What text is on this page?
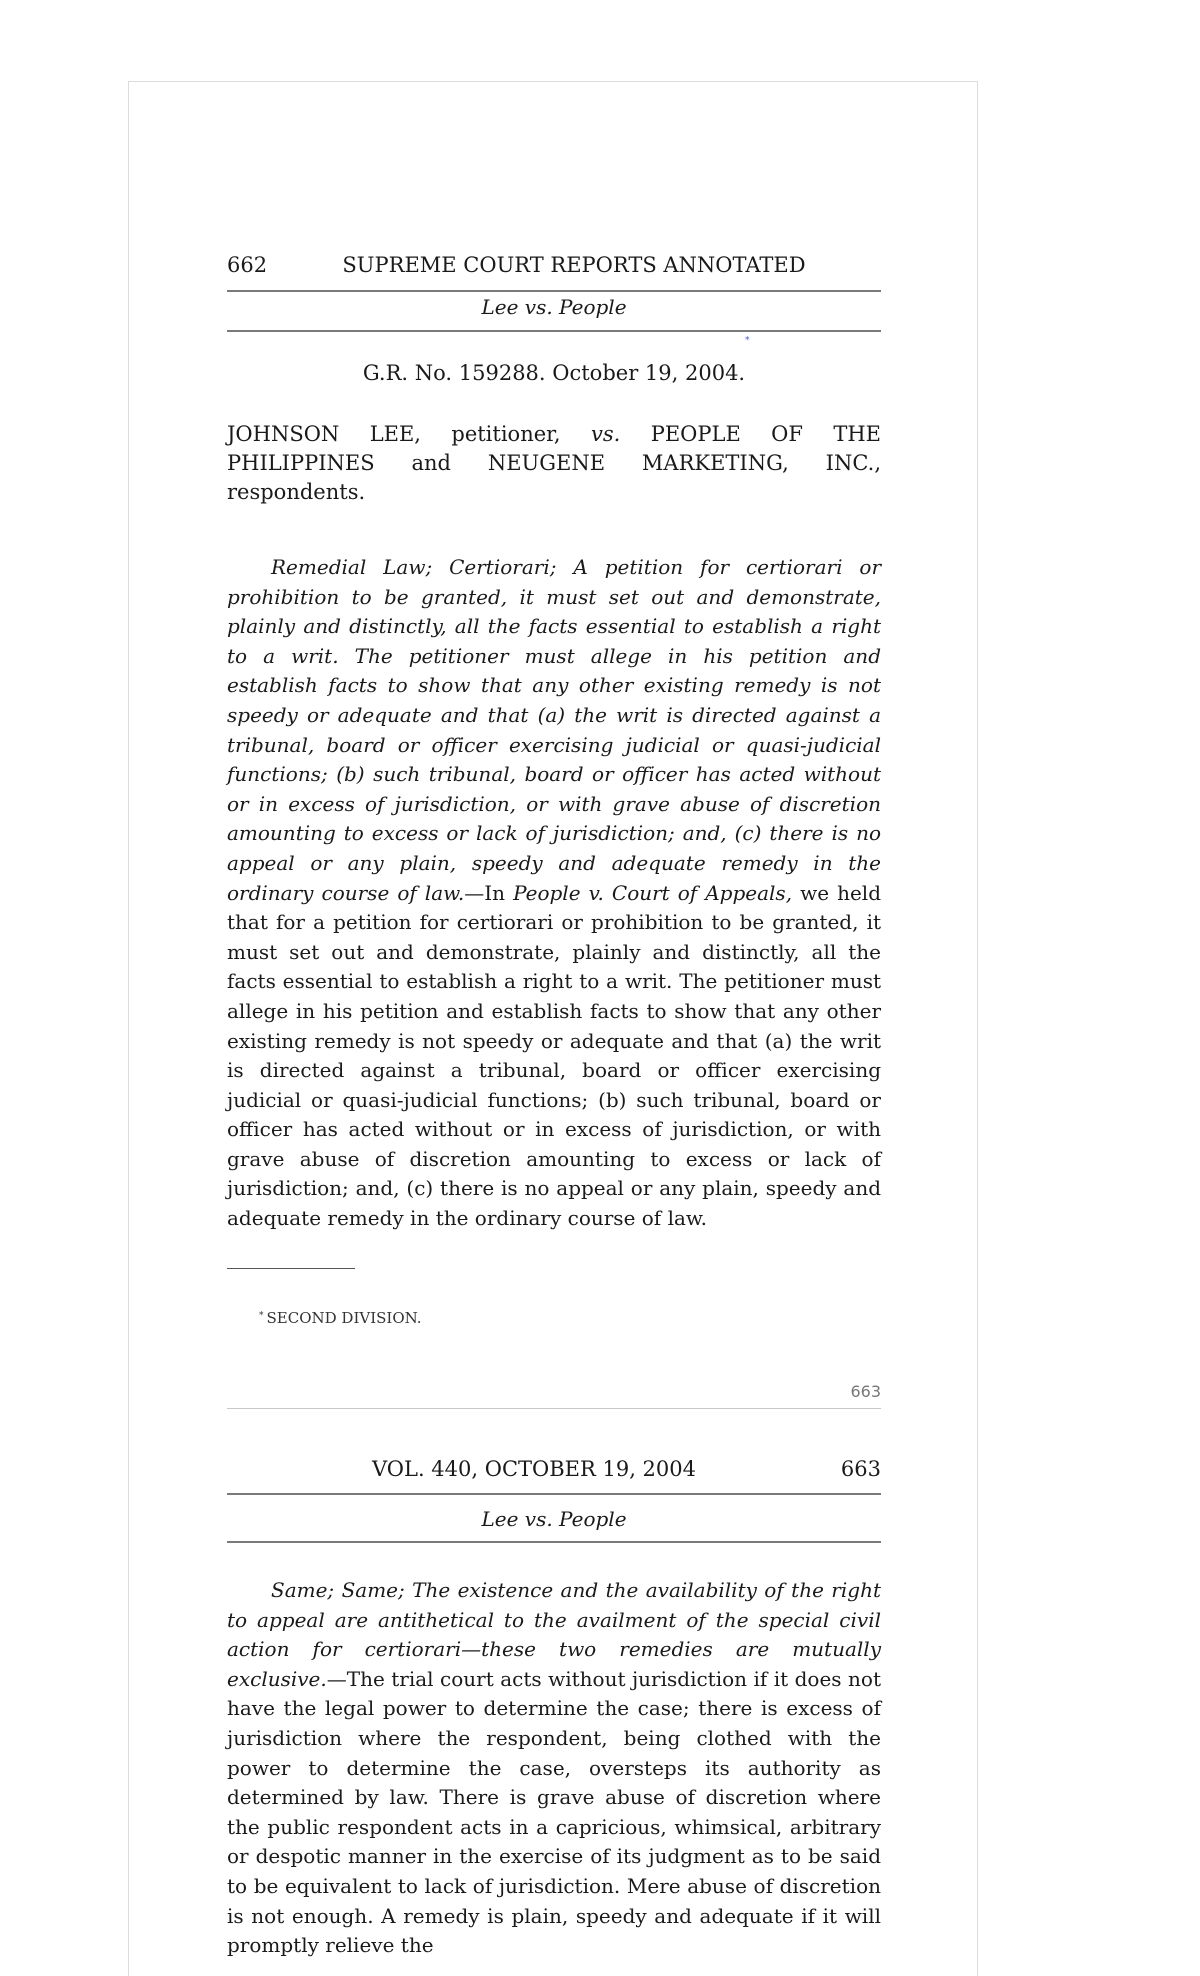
662	SUPREME COURT REPORTS ANNOTATED
Lee vs. People
*
G.R. No. 159288. October 19, 2004.
JOHNSON LEE, petitioner, vs. PEOPLE OF THE PHILIPPINES and NEUGENE MARKETING, INC., respondents.

Remedial Law; Certiorari; A petition for certiorari or prohibition to be granted, it must set out and demonstrate, plainly and distinctly, all the facts essential to establish a right to a writ. The petitioner must allege in his petition and establish facts to show that any other existing remedy is not speedy or adequate and that (a) the writ is directed against a tribunal, board or officer exercising judicial or quasi-judicial functions; (b) such tribunal, board or officer has acted without or in excess of jurisdiction, or with grave abuse of discretion amounting to excess or lack of jurisdiction; and, (c) there is no appeal or any plain, speedy and adequate remedy in the ordinary course of law.—In People v. Court of Appeals, we held that for a petition for certiorari or prohibition to be granted, it must set out and demonstrate, plainly and distinctly, all the facts essential to establish a right to a writ. The petitioner must allege in his petition and establish facts to show that any other existing remedy is not speedy or adequate and that (a) the writ is directed against a tribunal, board or officer exercising judicial or quasi-judicial functions; (b) such tribunal, board or officer has acted without or in excess of jurisdiction, or with grave abuse of discretion amounting to excess or lack of jurisdiction; and, (c) there is no appeal or any plain, speedy and adequate remedy in the ordinary course of law.

* SECOND DIVISION.
663
VOL. 440, OCTOBER 19, 2004	663
Lee vs. People

Same; Same; The existence and the availability of the right to appeal are antithetical to the availment of the special civil action for certiorari—these two remedies are mutually exclusive.—The trial court acts without jurisdiction if it does not have the legal power to determine the case; there is excess of jurisdiction where the respondent, being clothed with the power to determine the case, oversteps its authority as determined by law. There is grave abuse of discretion where the public respondent acts in a capricious, whimsical, arbitrary or despotic manner in the exercise of its judgment as to be said to be equivalent to lack of jurisdiction. Mere abuse of discretion is not enough. A remedy is plain, speedy and adequate if it will promptly relieve the
